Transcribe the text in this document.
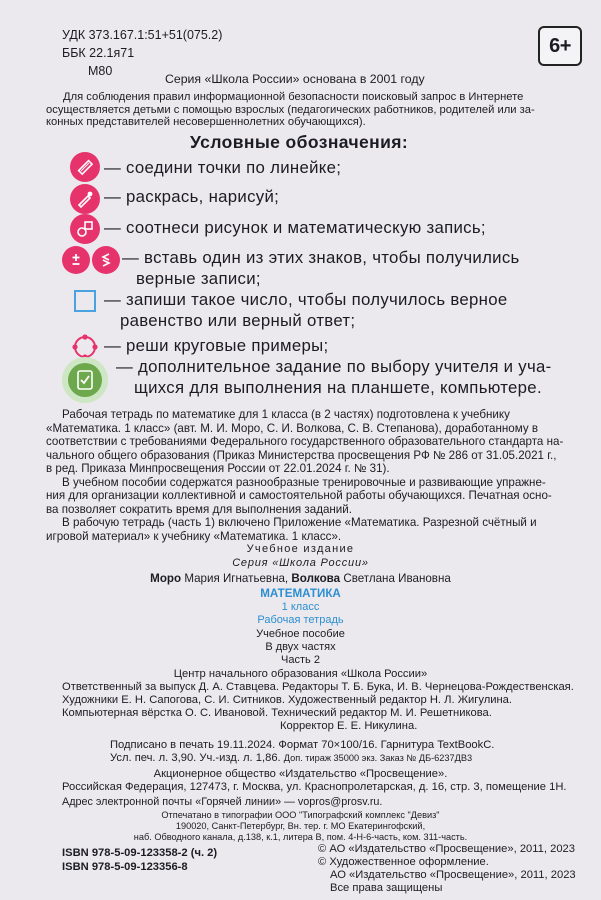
УДК 373.167.1:51+51(075.2)
ББК 22.1я71
М80
6+
Серия «Школа России» основана в 2001 году
Для соблюдения правил информационной безопасности поисковый запрос в Интернете
осуществляется детьми с помощью взрослых (педагогических работников, родителей или за-
конных представителей несовершеннолетних обучающихся).
Условные обозначения:
— соедини точки по линейке;
— раскрась, нарисуй;
— соотнеси рисунок и математическую запись;
— вставь один из этих знаков, чтобы получились
верные записи;
— запиши такое число, чтобы получилось верное
равенство или верный ответ;
— реши круговые примеры;
— дополнительное задание по выбору учителя и уча-
щихся для выполнения на планшете, компьютере.
Рабочая тетрадь по математике для 1 класса (в 2 частях) подготовлена к учебнику
«Математика. 1 класс» (авт. М. И. Моро, С. И. Волкова, С. В. Степанова), доработанному в
соответствии с требованиями Федерального государственного образовательного стандарта на-
чального общего образования (Приказ Министерства просвещения РФ № 286 от 31.05.2021 г.,
в ред. Приказа Минпросвещения России от 22.01.2024 г. № 31).
В учебном пособии содержатся разнообразные тренировочные и развивающие упражне-
ния для организации коллективной и самостоятельной работы обучающихся. Печатная осно-
ва позволяет сократить время для выполнения заданий.
В рабочую тетрадь (часть 1) включено Приложение «Математика. Разрезной счётный и
игровой материал» к учебнику «Математика. 1 класс».
Учебное издание
Серия «Школа России»
Моро Мария Игнатьевна, Волкова Светлана Ивановна
МАТЕМАТИКА
1 класс
Рабочая тетрадь
Учебное пособие
В двух частях
Часть 2
Центр начального образования «Школа России»
Ответственный за выпуск Д. А. Ставцева. Редакторы Т. Б. Бука, И. В. Чернецова-Рождественская.
Художники Е. Н. Сапогова, С. И. Ситников. Художественный редактор Н. Л. Жигулина.
Компьютерная вёрстка О. С. Ивановой. Технический редактор М. И. Решетникова.
Корректор Е. Е. Никулина.
Подписано в печать 19.11.2024. Формат 70×100/16. Гарнитура TextBookC.
Усл. печ. л. 3,90. Уч.-изд. л. 1,86. Доп. тираж 35000 экз. Заказ № ДБ-6237ДВ3
Акционерное общество «Издательство «Просвещение».
Российская Федерация, 127473, г. Москва, ул. Краснопролетарская, д. 16, стр. 3, помещение 1Н.
Адрес электронной почты «Горячей линии» — vopros@prosv.ru.
Отпечатано в типографии ООО "Типографский комплекс "Девиз"
190020, Санкт-Петербург, Вн. тер. г. МО Екатерингофский,
наб. Обводного канала, д.138, к.1, литера В, пом. 4-Н-6-часть, ком. 311-часть.
ISBN 978-5-09-123358-2 (ч. 2)
ISBN 978-5-09-123356-8
© АО «Издательство «Просвещение», 2011, 2023
© Художественное оформление.
АО «Издательство «Просвещение», 2011, 2023
Все права защищены
